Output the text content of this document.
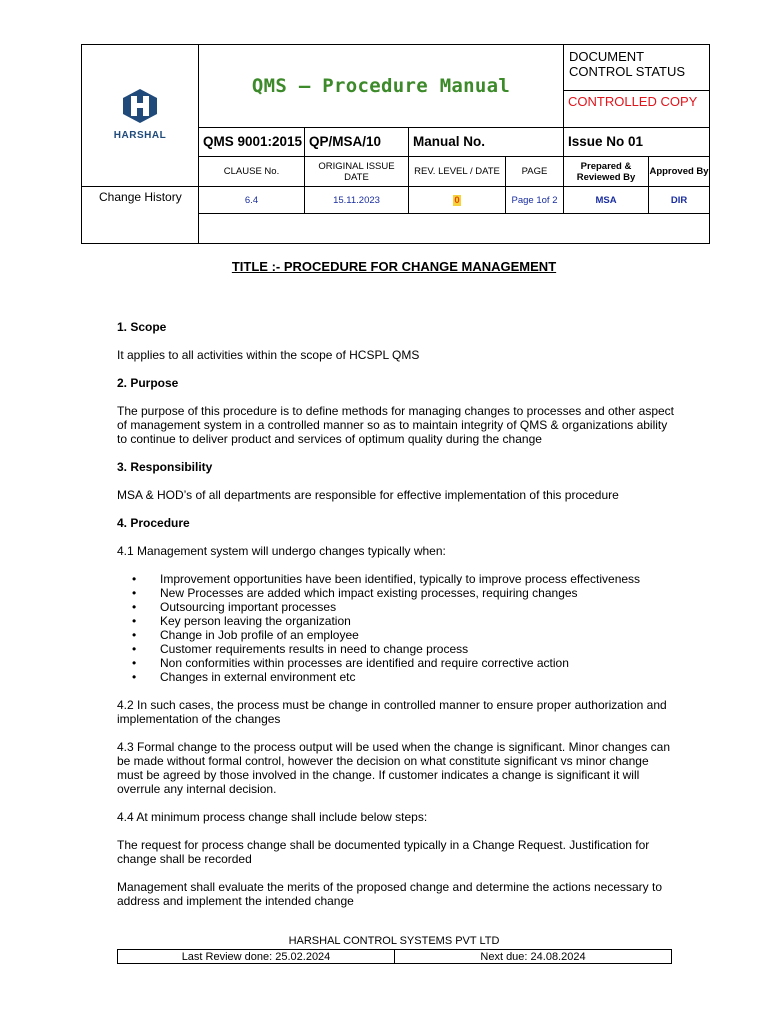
HARSHAL	QMS – Procedure Manual				DOCUMENT CONTROL STATUS
CONTROLLED COPY	

	QMS 9001:2015	QP/MSA/10	Manual No.		Issue No 01	
	CLAUSE No.	ORIGINAL ISSUE DATE	REV. LEVEL / DATE	PAGE	Prepared & Reviewed By	Approved By
Change History	6.4	15.11.2023	0	Page 1of 2	MSA	DIR

TITLE :- PROCEDURE FOR CHANGE MANAGEMENT
1. Scope

It applies to all activities within the scope of HCSPL QMS

2. Purpose

The purpose of this procedure is to define methods for managing changes to processes and other aspect of management system in a controlled manner so as to maintain integrity of QMS & organizations ability to continue to deliver product and services of optimum quality during the change

3. Responsibility

MSA & HOD’s of all departments are responsible for effective implementation of this procedure

4. Procedure

4.1 Management system will undergo changes typically when:

• Improvement opportunities have been identified, typically to improve process effectiveness
• New Processes are added which impact existing processes, requiring changes
• Outsourcing important processes
• Key person leaving the organization
• Change in Job profile of an employee
• Customer requirements results in need to change process
• Non conformities within processes are identified and require corrective action
• Changes in external environment etc

4.2 In such cases, the process must be change in controlled manner to ensure proper authorization and implementation of the changes

4.3 Formal change to the process output will be used when the change is significant. Minor changes can be made without formal control, however the decision on what constitute significant vs minor change must be agreed by those involved in the change. If customer indicates a change is significant it will overrule any internal decision.

4.4 At minimum process change shall include below steps:

The request for process change shall be documented typically in a Change Request. Justification for change shall be recorded

Management shall evaluate the merits of the proposed change and determine the actions necessary to address and implement the intended change

HARSHAL CONTROL SYSTEMS PVT LTD
Last Review done: 25.02.2024	Next due: 24.08.2024
